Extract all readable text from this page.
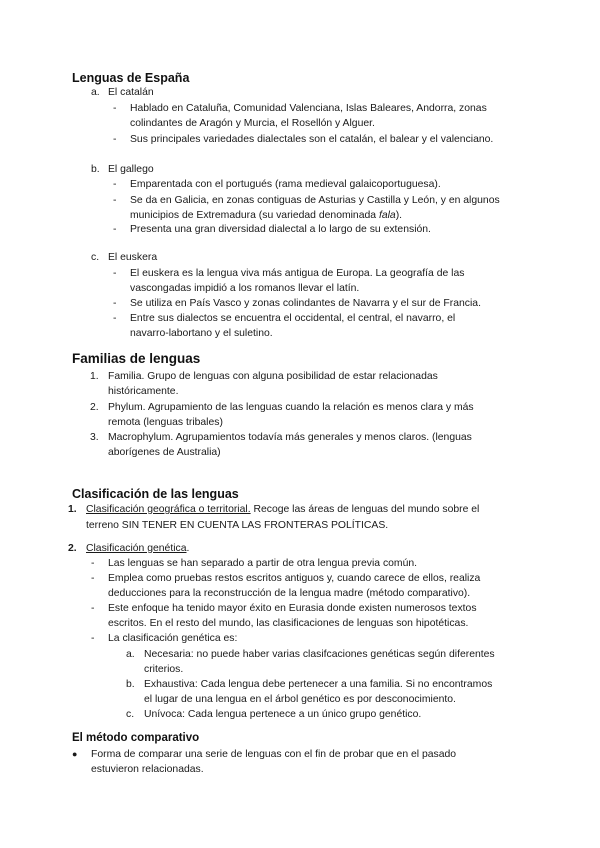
Lenguas de España
a. El catalán
- Hablado en Cataluña, Comunidad Valenciana, Islas Baleares, Andorra, zonas
colindantes de Aragón y Murcia, el Rosellón y Alguer.
- Sus principales variedades dialectales son el catalán, el balear y el valenciano.
b. El gallego
- Emparentada con el portugués (rama medieval galaicoportuguesa).
- Se da en Galicia, en zonas contiguas de Asturias y Castilla y León, y en algunos
municipios de Extremadura (su variedad denominada fala).
- Presenta una gran diversidad dialectal a lo largo de su extensión.
c. El euskera
- El euskera es la lengua viva más antigua de Europa. La geografía de las
vascongadas impidió a los romanos llevar el latín.
- Se utiliza en País Vasco y zonas colindantes de Navarra y el sur de Francia.
- Entre sus dialectos se encuentra el occidental, el central, el navarro, el
navarro-labortano y el suletino.
Familias de lenguas
1. Familia. Grupo de lenguas con alguna posibilidad de estar relacionadas
históricamente.
2. Phylum. Agrupamiento de las lenguas cuando la relación es menos clara y más
remota (lenguas tribales)
3. Macrophylum. Agrupamientos todavía más generales y menos claros. (lenguas
aborígenes de Australia)
Clasificación de las lenguas
1. Clasificación geográfica o territorial. Recoge las áreas de lenguas del mundo sobre el
terreno SIN TENER EN CUENTA LAS FRONTERAS POLÍTICAS.
2. Clasificación genética.
- Las lenguas se han separado a partir de otra lengua previa común.
- Emplea como pruebas restos escritos antiguos y, cuando carece de ellos, realiza
deducciones para la reconstrucción de la lengua madre (método comparativo).
- Este enfoque ha tenido mayor éxito en Eurasia donde existen numerosos textos
escritos. En el resto del mundo, las clasificaciones de lenguas son hipotéticas.
- La clasificación genética es:
a. Necesaria: no puede haber varias clasifcaciones genéticas según diferentes
criterios.
b. Exhaustiva: Cada lengua debe pertenecer a una familia. Si no encontramos
el lugar de una lengua en el árbol genético es por desconocimiento.
c. Unívoca: Cada lengua pertenece a un único grupo genético.
El método comparativo
● Forma de comparar una serie de lenguas con el fin de probar que en el pasado
estuvieron relacionadas.
